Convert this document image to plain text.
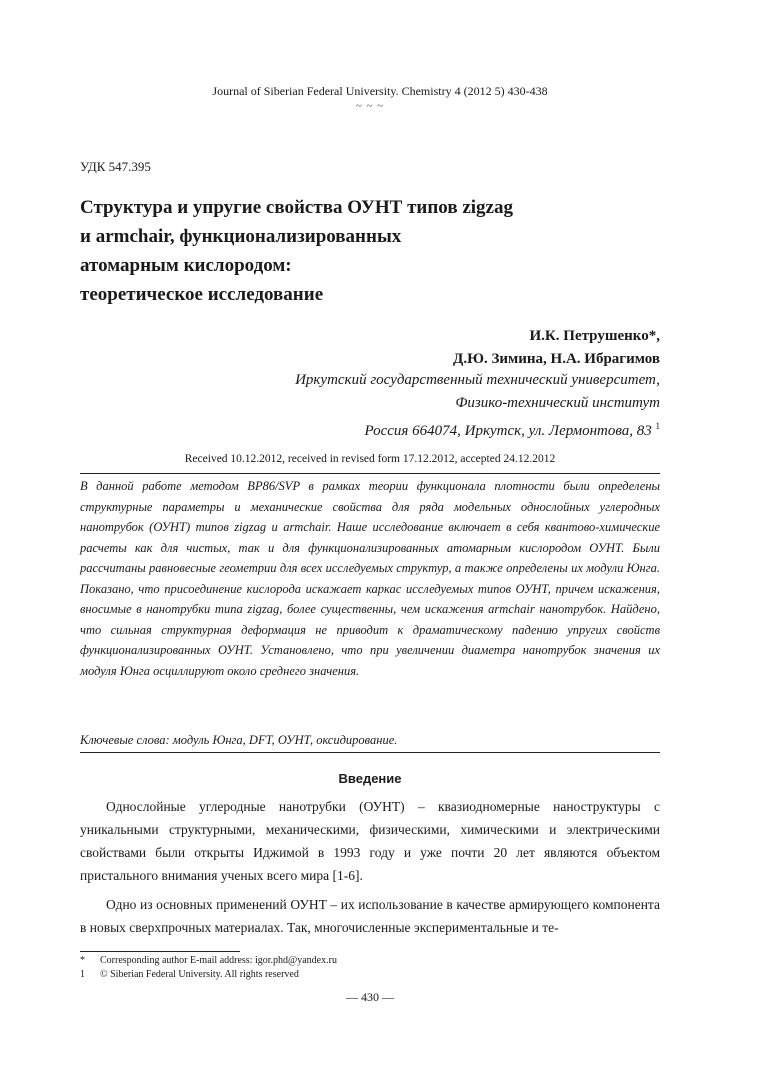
Journal of Siberian Federal University. Chemistry 4 (2012 5) 430-438
~ ~ ~
УДК 547.395
Структура и упругие свойства ОУНТ типов zigzag
и armchair, функционализированных
атомарным кислородом:
теоретическое исследование
И.К. Петрушенко*,
Д.Ю. Зимина, Н.А. Ибрагимов
Иркутский государственный технический университет,
Физико-технический институт
Россия 664074, Иркутск, ул. Лермонтова, 83 $^1$
Received 10.12.2012, received in revised form 17.12.2012, accepted 24.12.2012
В данной работе методом BP86/SVP в рамках теории функционала плотности были определены структурные параметры и механические свойства для ряда модельных однослойных углеродных нанотрубок (ОУНТ) типов zigzag и armchair. Наше исследование включает в себя квантово-химические расчеты как для чистых, так и для функционализированных атомарным кислородом ОУНТ. Были рассчитаны равновесные геометрии для всех исследуемых структур, а также определены их модули Юнга. Показано, что присоединение кислорода искажает каркас исследуемых типов ОУНТ, причем искажения, вносимые в нанотрубки типа zigzag, более существенны, чем искажения armchair нанотрубок. Найдено, что сильная структурная деформация не приводит к драматическому падению упругих свойств функционализированных ОУНТ. Установлено, что при увеличении диаметра нанотрубок значения их модуля Юнга осциллируют около среднего значения.
Ключевые слова: модуль Юнга, DFT, ОУНТ, оксидирование.
Введение

Однослойные углеродные нанотрубки (ОУНТ) – квазиодномерные наноструктуры с уникальными структурными, механическими, физическими, химическими и электрическими свойствами были открыты Иджимой в 1993 году и уже почти 20 лет являются объектом пристального внимания ученых всего мира [1-6].

Одно из основных применений ОУНТ – их использование в качестве армирующего компонента в новых сверхпрочных материалах. Так, многочисленные экспериментальные и те-

*	Corresponding author E-mail address: igor.phd@yandex.ru
1	© Siberian Federal University. All rights reserved
— 430 —
